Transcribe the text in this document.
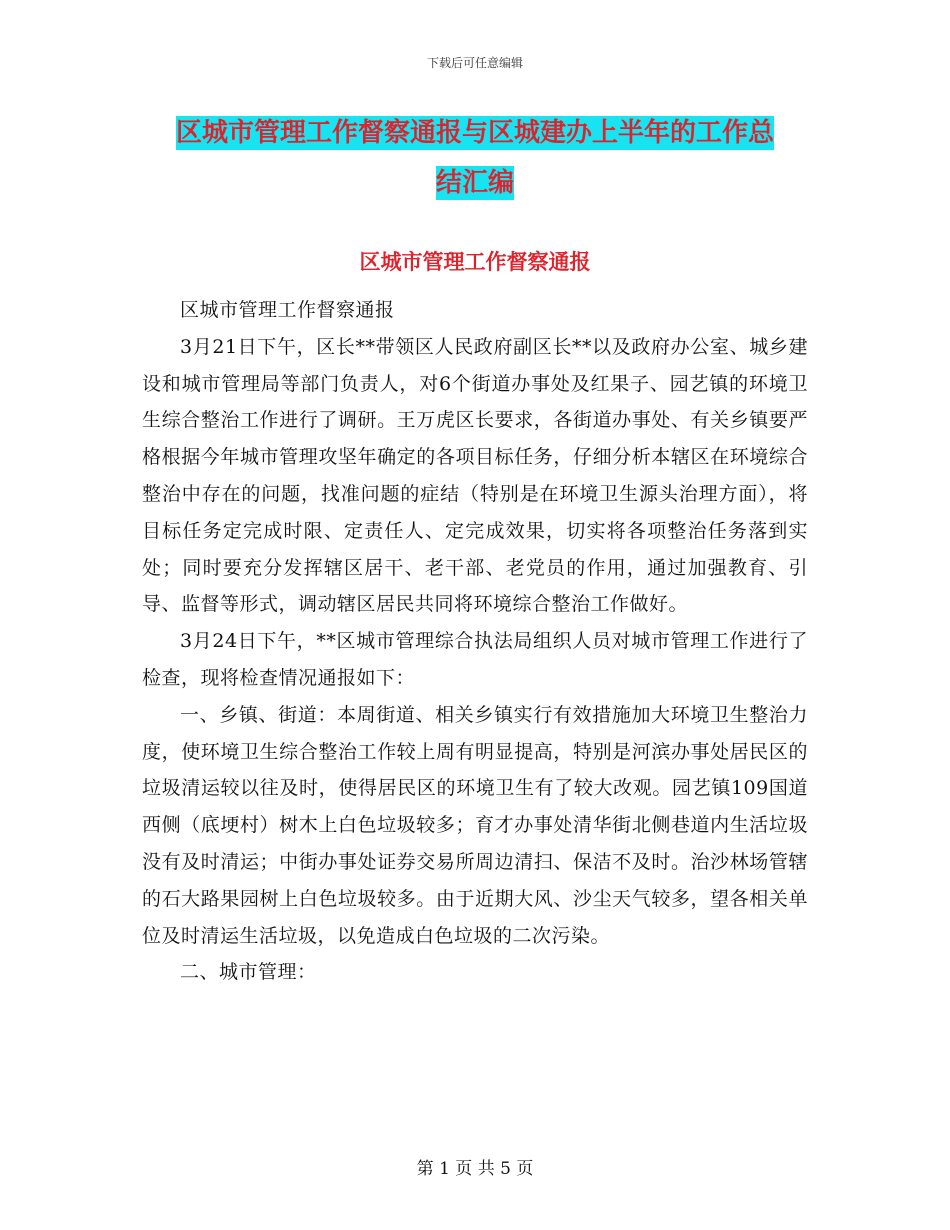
下载后可任意编辑
区城市管理工作督察通报与区城建办上半年的工作总
结汇编
区城市管理工作督察通报

区城市管理工作督察通报

3月21日下午，区长**带领区人民政府副区长**以及政府办公室、城乡建设和城市管理局等部门负责人，对6个街道办事处及红果子、园艺镇的环境卫生综合整治工作进行了调研。王万虎区长要求，各街道办事处、有关乡镇要严格根据今年城市管理攻坚年确定的各项目标任务，仔细分析本辖区在环境综合整治中存在的问题，找准问题的症结（特别是在环境卫生源头治理方面），将目标任务定完成时限、定责任人、定完成效果，切实将各项整治任务落到实处；同时要充分发挥辖区居干、老干部、老党员的作用，通过加强教育、引导、监督等形式，调动辖区居民共同将环境综合整治工作做好。

3月24日下午，**区城市管理综合执法局组织人员对城市管理工作进行了检查，现将检查情况通报如下：

一、乡镇、街道：本周街道、相关乡镇实行有效措施加大环境卫生整治力度，使环境卫生综合整治工作较上周有明显提高，特别是河滨办事处居民区的垃圾清运较以往及时，使得居民区的环境卫生有了较大改观。园艺镇109国道西侧（底埂村）树木上白色垃圾较多；育才办事处清华街北侧巷道内生活垃圾没有及时清运；中街办事处证券交易所周边清扫、保洁不及时。治沙林场管辖的石大路果园树上白色垃圾较多。由于近期大风、沙尘天气较多，望各相关单位及时清运生活垃圾，以免造成白色垃圾的二次污染。

二、城市管理：

第 1 页 共 5 页
